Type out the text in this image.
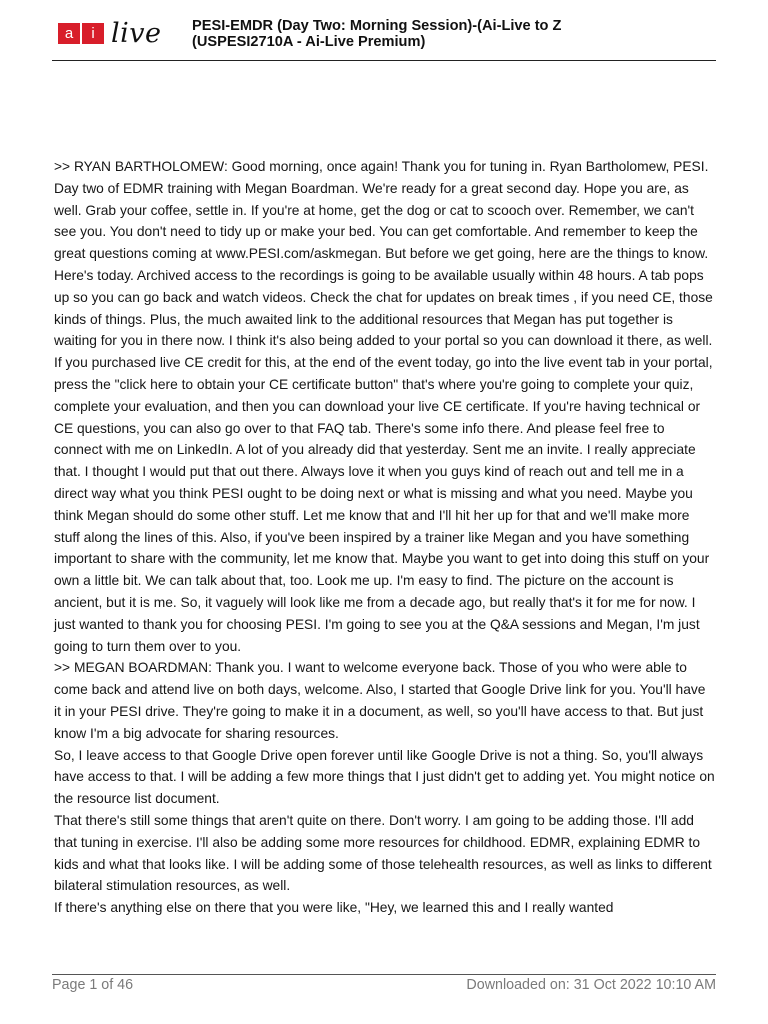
a	i live PESI-EMDR (Day Two: Morning Session)-(Ai-Live to Z
(USPESI2710A - Ai-Live Premium)

>> RYAN BARTHOLOMEW: Good morning, once again! Thank you for tuning in. Ryan Bartholomew, PESI. Day two of EDMR training with Megan Boardman. We're ready for a great second day. Hope you are, as well. Grab your coffee, settle in. If you're at home, get the dog or cat to scooch over. Remember, we can't see you. You don't need to tidy up or make your bed. You can get comfortable. And remember to keep the great questions coming at www.PESI.com/askmegan. But before we get going, here are the things to know. Here's today. Archived access to the recordings is going to be available usually within 48 hours. A tab pops up so you can go back and watch videos. Check the chat for updates on break times , if you need CE, those kinds of things. Plus, the much awaited link to the additional resources that Megan has put together is waiting for you in there now. I think it's also being added to your portal so you can download it there, as well. If you purchased live CE credit for this, at the end of the event today, go into the live event tab in your portal, press the "click here to obtain your CE certificate button" that's where you're going to complete your quiz, complete your evaluation, and then you can download your live CE certificate. If you're having technical or CE questions, you can also go over to that FAQ tab. There's some info there. And please feel free to connect with me on LinkedIn. A lot of you already did that yesterday. Sent me an invite. I really appreciate that. I thought I would put that out there. Always love it when you guys kind of reach out and tell me in a direct way what you think PESI ought to be doing next or what is missing and what you need. Maybe you think Megan should do some other stuff. Let me know that and I'll hit her up for that and we'll make more stuff along the lines of this. Also, if you've been inspired by a trainer like Megan and you have something important to share with the community, let me know that. Maybe you want to get into doing this stuff on your own a little bit. We can talk about that, too. Look me up. I'm easy to find. The picture on the account is ancient, but it is me. So, it vaguely will look like me from a decade ago, but really that's it for me for now. I just wanted to thank you for choosing PESI. I'm going to see you at the Q&A sessions and Megan, I'm just going to turn them over to you.

>> MEGAN BOARDMAN: Thank you. I want to welcome everyone back. Those of you who were able to come back and attend live on both days, welcome. Also, I started that Google Drive link for you. You'll have it in your PESI drive. They're going to make it in a document, as well, so you'll have access to that. But just know I'm a big advocate for sharing resources.

So, I leave access to that Google Drive open forever until like Google Drive is not a thing. So, you'll always have access to that. I will be adding a few more things that I just didn't get to adding yet. You might notice on the resource list document.

That there's still some things that aren't quite on there. Don't worry. I am going to be adding those. I'll add that tuning in exercise. I'll also be adding some more resources for childhood. EDMR, explaining EDMR to kids and what that looks like. I will be adding some of those telehealth resources, as well as links to different bilateral stimulation resources, as well.

If there's anything else on there that you were like, "Hey, we learned this and I really wanted

Page 1 of 46	Downloaded on: 31 Oct 2022 10:10 AM
